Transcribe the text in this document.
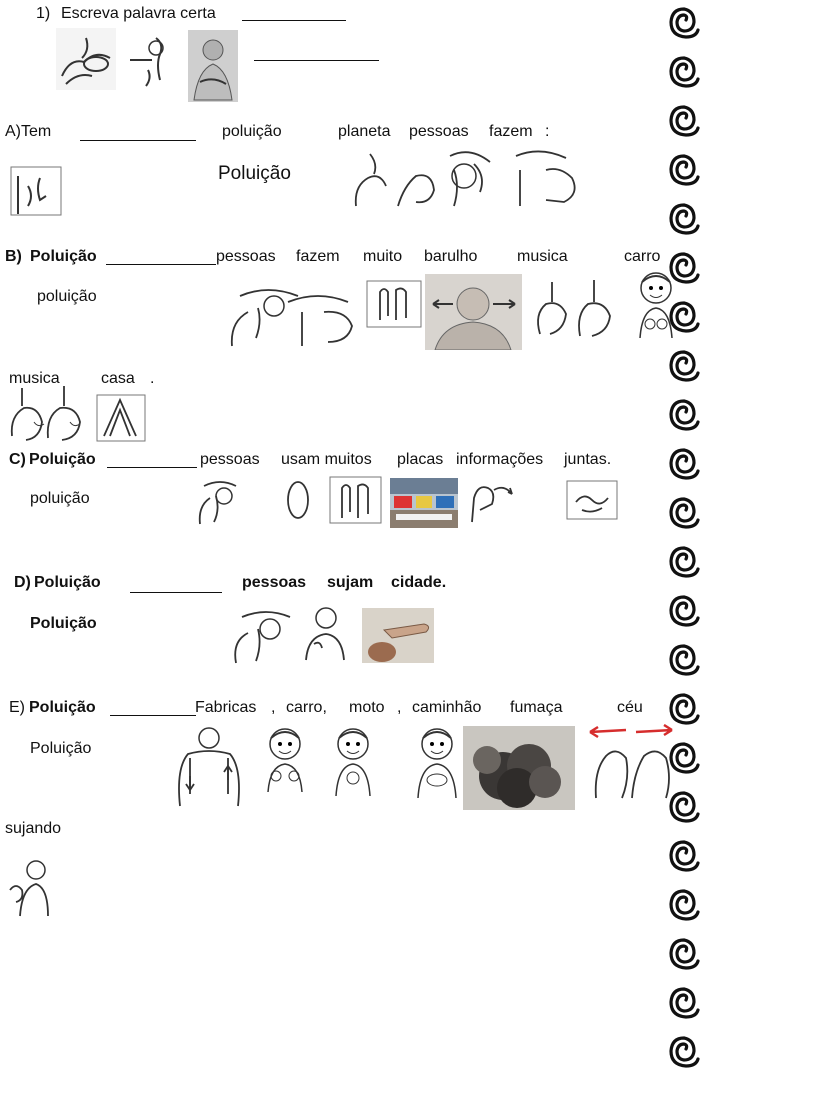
1) Escreva palavra certa
A) Tem	poluição	planeta pessoas fazem :
Poluição
B) Poluição	pessoas fazem muito barulho musica	carro
poluição
musica	casa .
C) Poluição	pessoas usam muitos placas informações juntas.
poluição
D) Poluição	pessoas sujam cidade.
Poluição
E) Poluição	Fabricas , carro, moto , caminhão fumaça	céu
Poluição
sujando
